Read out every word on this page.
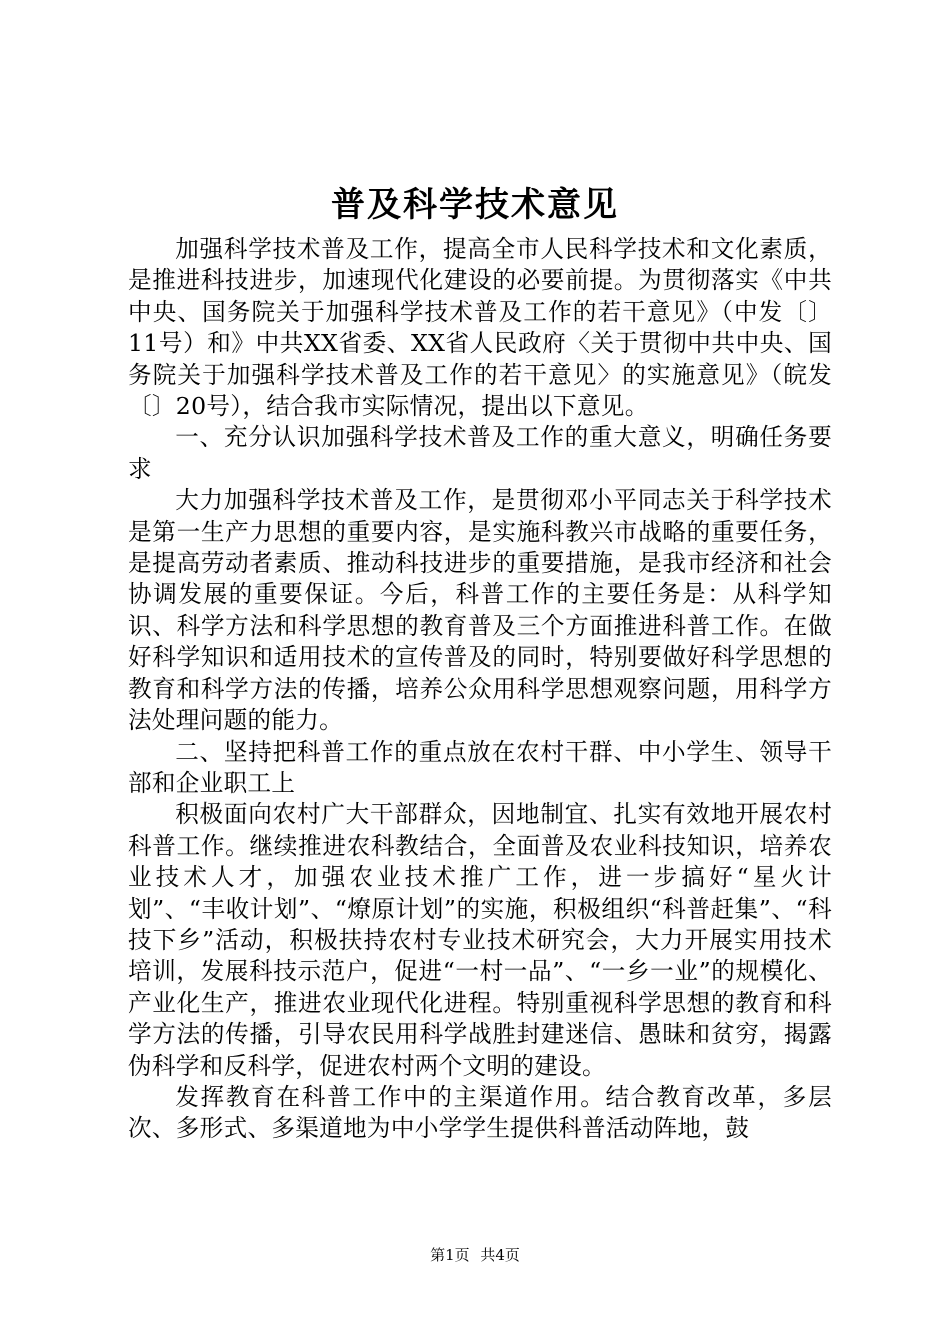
普及科学技术意见

加强科学技术普及工作，提高全市人民科学技术和文化素质，是推进科技进步，加速现代化建设的必要前提。为贯彻落实《中共中央、国务院关于加强科学技术普及工作的若干意见》（中发〔〕11号）和》中共XX省委、XX省人民政府〈关于贯彻中共中央、国务院关于加强科学技术普及工作的若干意见〉的实施意见》（皖发〔〕20号），结合我市实际情况，提出以下意见。

一、充分认识加强科学技术普及工作的重大意义，明确任务要求

大力加强科学技术普及工作，是贯彻邓小平同志关于科学技术是第一生产力思想的重要内容，是实施科教兴市战略的重要任务，是提高劳动者素质、推动科技进步的重要措施，是我市经济和社会协调发展的重要保证。今后，科普工作的主要任务是：从科学知识、科学方法和科学思想的教育普及三个方面推进科普工作。在做好科学知识和适用技术的宣传普及的同时，特别要做好科学思想的教育和科学方法的传播，培养公众用科学思想观察问题，用科学方法处理问题的能力。

二、坚持把科普工作的重点放在农村干群、中小学生、领导干部和企业职工上

积极面向农村广大干部群众，因地制宜、扎实有效地开展农村科普工作。继续推进农科教结合，全面普及农业科技知识，培养农业技术人才，加强农业技术推广工作，进一步搞好“星火计划”、“丰收计划”、“燎原计划”的实施，积极组织“科普赶集”、“科技下乡”活动，积极扶持农村专业技术研究会，大力开展实用技术培训，发展科技示范户，促进“一村一品”、“一乡一业”的规模化、产业化生产，推进农业现代化进程。特别重视科学思想的教育和科学方法的传播，引导农民用科学战胜封建迷信、愚昧和贫穷，揭露伪科学和反科学，促进农村两个文明的建设。

发挥教育在科普工作中的主渠道作用。结合教育改革，多层次、多形式、多渠道地为中小学学生提供科普活动阵地，鼓

第1页 共4页
